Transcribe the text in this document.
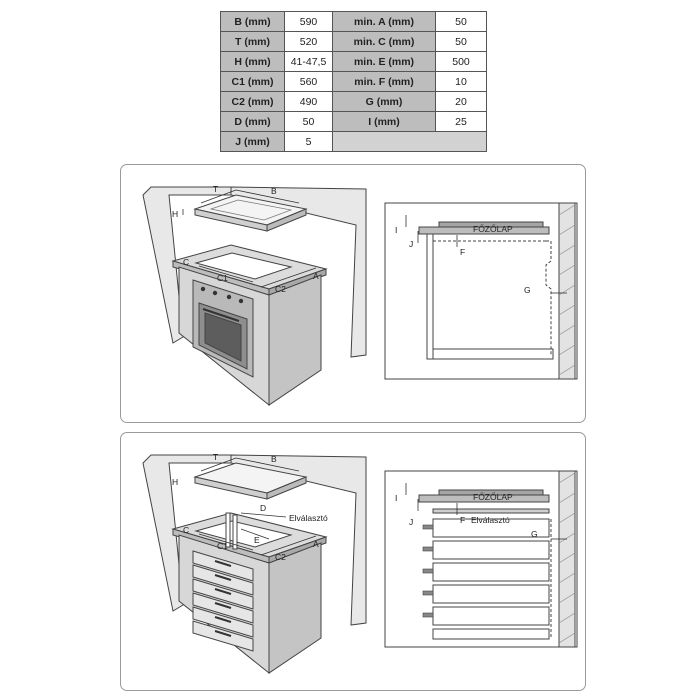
B (mm)	590	min. A (mm)	50
T (mm)	520	min. C (mm)	50
H (mm)	41-47,5	min. E (mm)	500
C1 (mm)	560	min. F (mm)	10
C2 (mm)	490	G (mm)	20
D (mm)	50	I (mm)	25
J (mm)	5		
T	B
H
C
C1
C2
A
I
J
F
G
FŐZŐLAP
T	B
H
C
C1
C2
A
D
E
Elválasztó
I
J	F
G
FŐZŐLAP
Elválasztó
